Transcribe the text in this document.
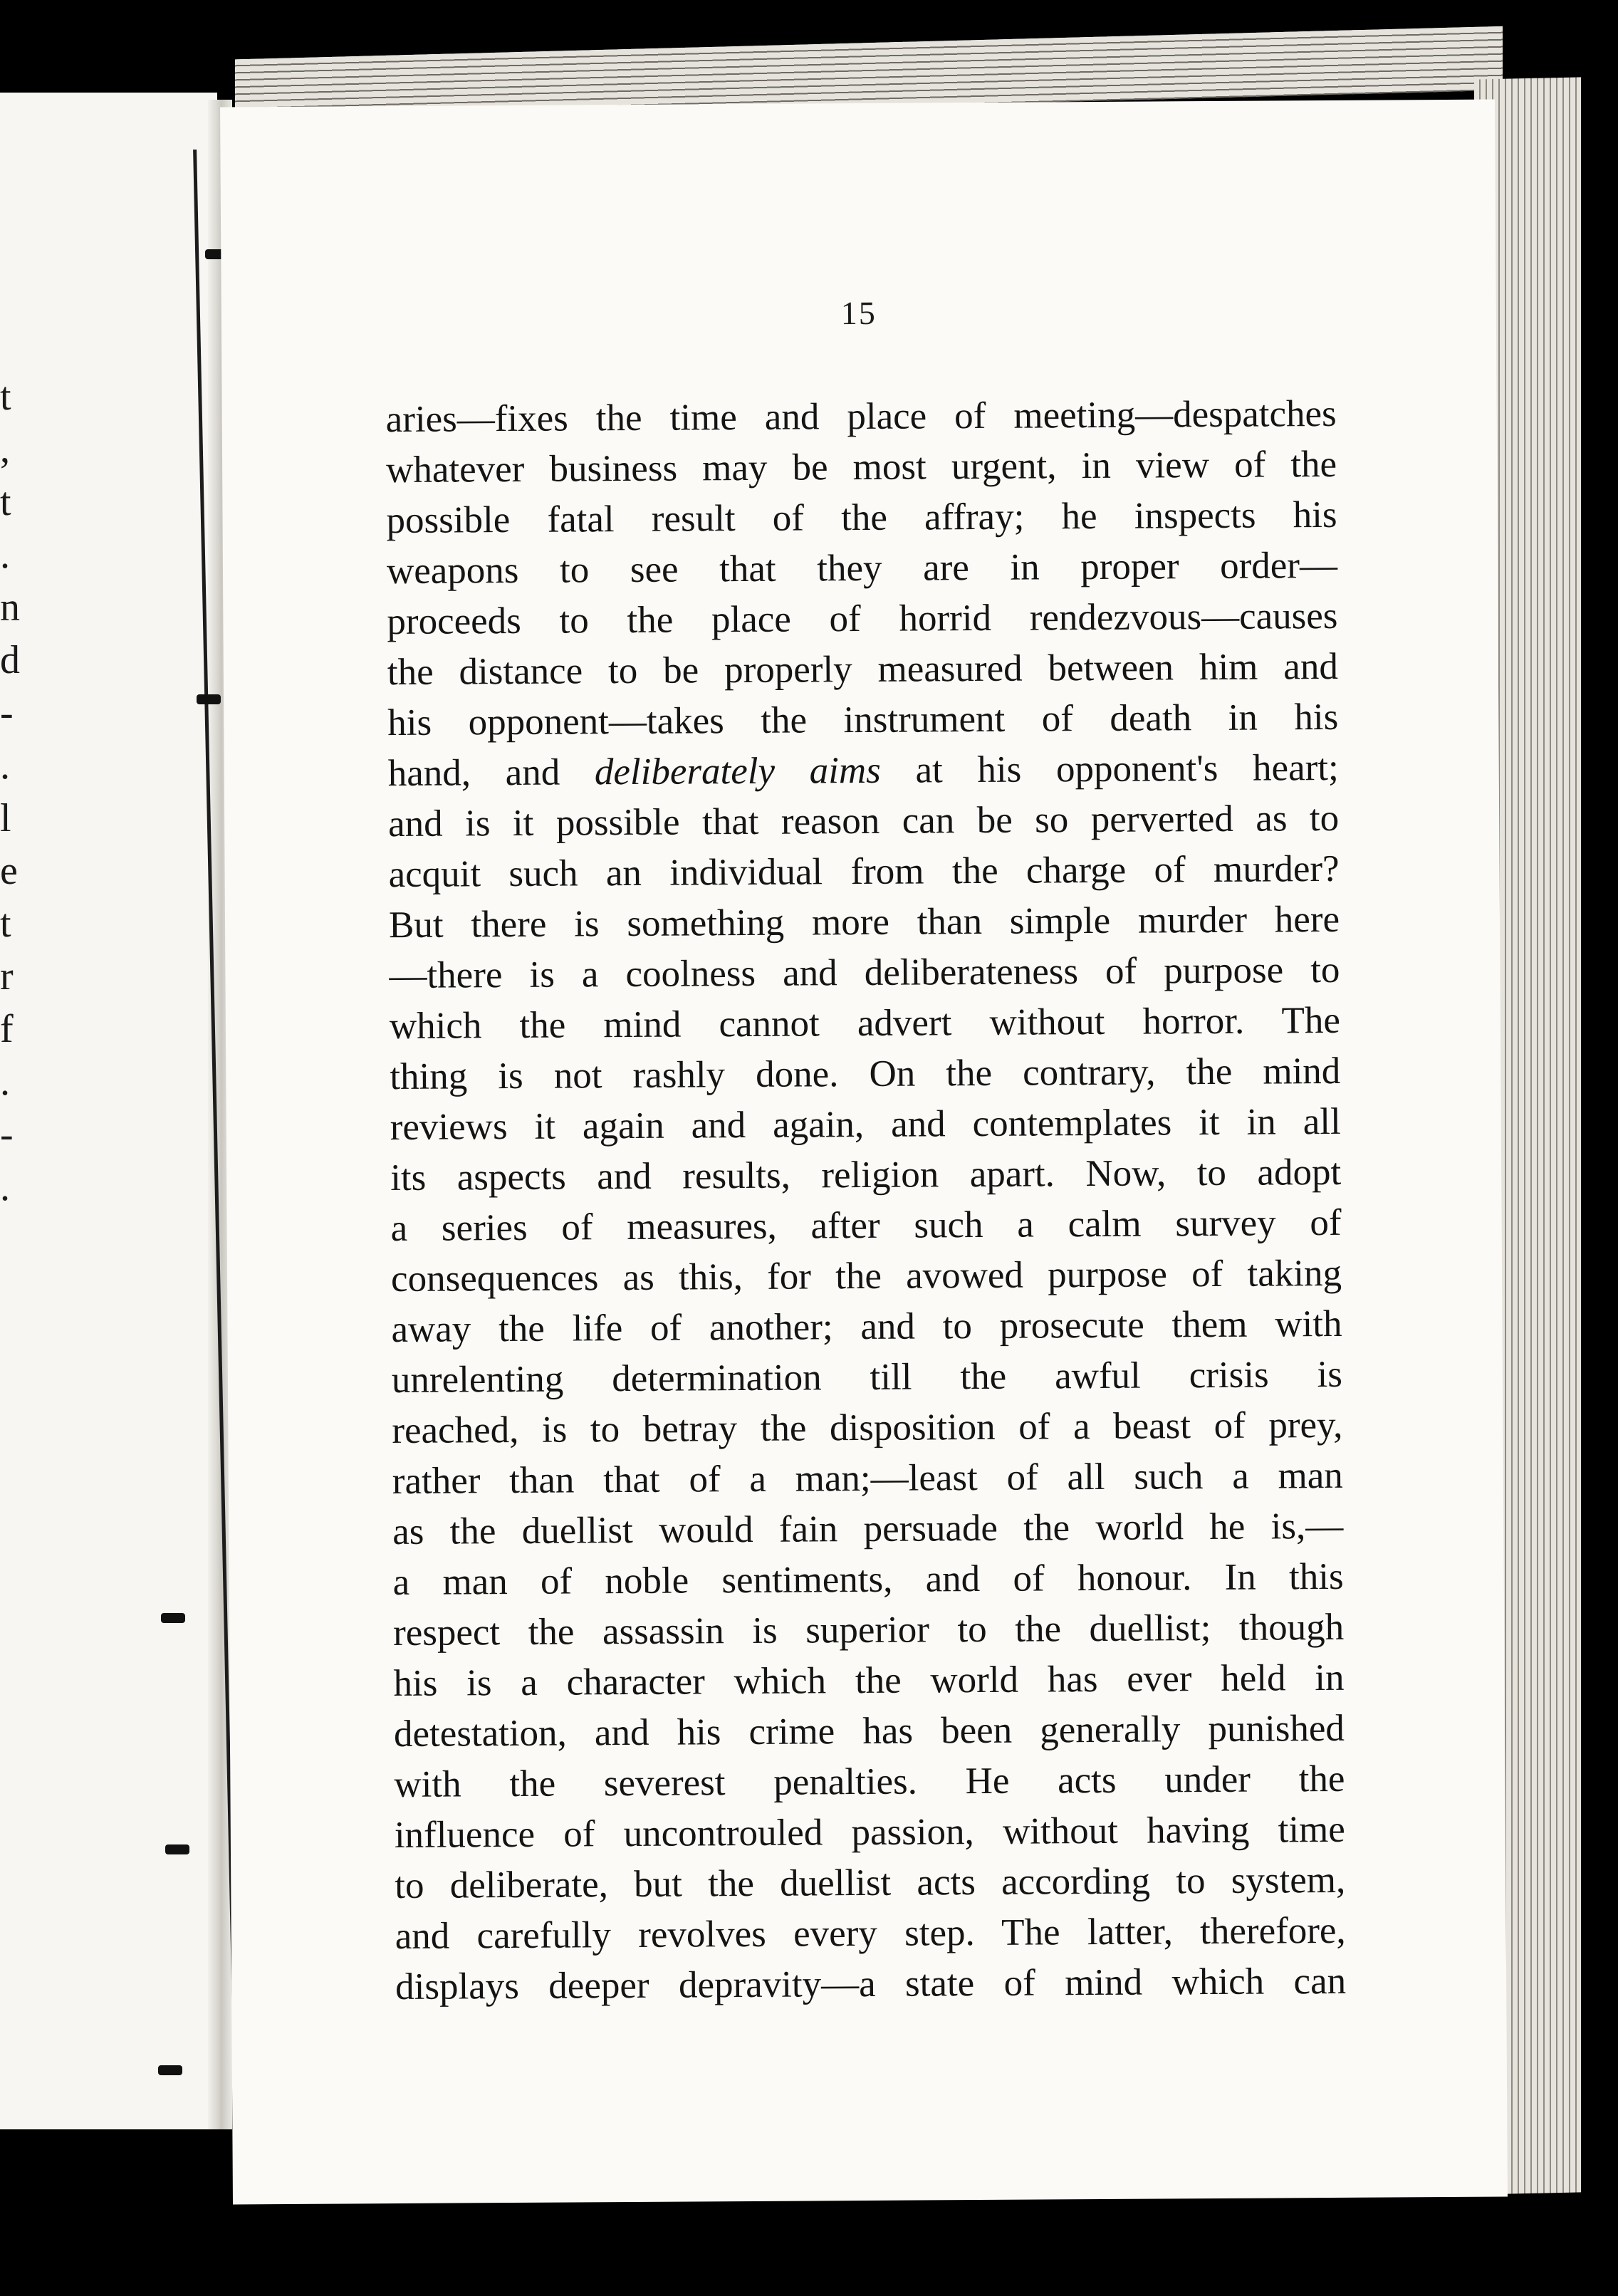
t
,
t
.
n
d
-
.
l
e
t
r
f
.
-
.
15
aries—fixes the time and place of meeting—despatches
whatever business may be most urgent, in view of the
possible fatal result of the affray; he inspects his
weapons to see that they are in proper order—
proceeds to the place of horrid rendezvous—causes
the distance to be properly measured between him and
his opponent—takes the instrument of death in his
hand, and deliberately aims at his opponent's heart;
and is it possible that reason can be so perverted as to
acquit such an individual from the charge of murder?
But there is something more than simple murder here
—there is a coolness and deliberateness of purpose to
which the mind cannot advert without horror. The
thing is not rashly done. On the contrary, the mind
reviews it again and again, and contemplates it in all
its aspects and results, religion apart. Now, to adopt
a series of measures, after such a calm survey of
consequences as this, for the avowed purpose of taking
away the life of another; and to prosecute them with
unrelenting determination till the awful crisis is
reached, is to betray the disposition of a beast of prey,
rather than that of a man;—least of all such a man
as the duellist would fain persuade the world he is,—
a man of noble sentiments, and of honour. In this
respect the assassin is superior to the duellist; though
his is a character which the world has ever held in
detestation, and his crime has been generally punished
with the severest penalties. He acts under the
influence of uncontrouled passion, without having time
to deliberate, but the duellist acts according to system,
and carefully revolves every step. The latter, therefore,
displays deeper depravity—a state of mind which can
